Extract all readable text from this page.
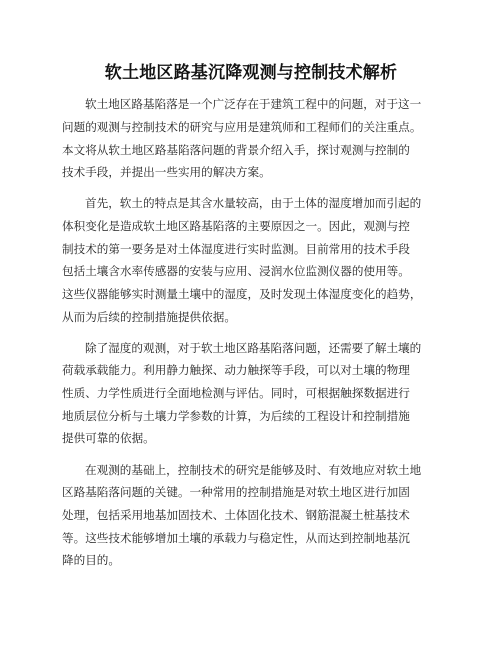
软土地区路基沉降观测与控制技术解析
软土地区路基陷落是一个广泛存在于建筑工程中的问题，对于这一
问题的观测与控制技术的研究与应用是建筑师和工程师们的关注重点。
本文将从软土地区路基陷落问题的背景介绍入手，探讨观测与控制的
技术手段，并提出一些实用的解决方案。
首先，软土的特点是其含水量较高，由于土体的湿度增加而引起的
体积变化是造成软土地区路基陷落的主要原因之一。因此，观测与控
制技术的第一要务是对土体湿度进行实时监测。目前常用的技术手段
包括土壤含水率传感器的安装与应用、浸润水位监测仪器的使用等。
这些仪器能够实时测量土壤中的湿度，及时发现土体湿度变化的趋势，
从而为后续的控制措施提供依据。
除了湿度的观测，对于软土地区路基陷落问题，还需要了解土壤的
荷载承载能力。利用静力触探、动力触探等手段，可以对土壤的物理
性质、力学性质进行全面地检测与评估。同时，可根据触探数据进行
地质层位分析与土壤力学参数的计算，为后续的工程设计和控制措施
提供可靠的依据。
在观测的基础上，控制技术的研究是能够及时、有效地应对软土地
区路基陷落问题的关键。一种常用的控制措施是对软土地区进行加固
处理，包括采用地基加固技术、土体固化技术、钢筋混凝土桩基技术
等。这些技术能够增加土壤的承载力与稳定性，从而达到控制地基沉
降的目的。
